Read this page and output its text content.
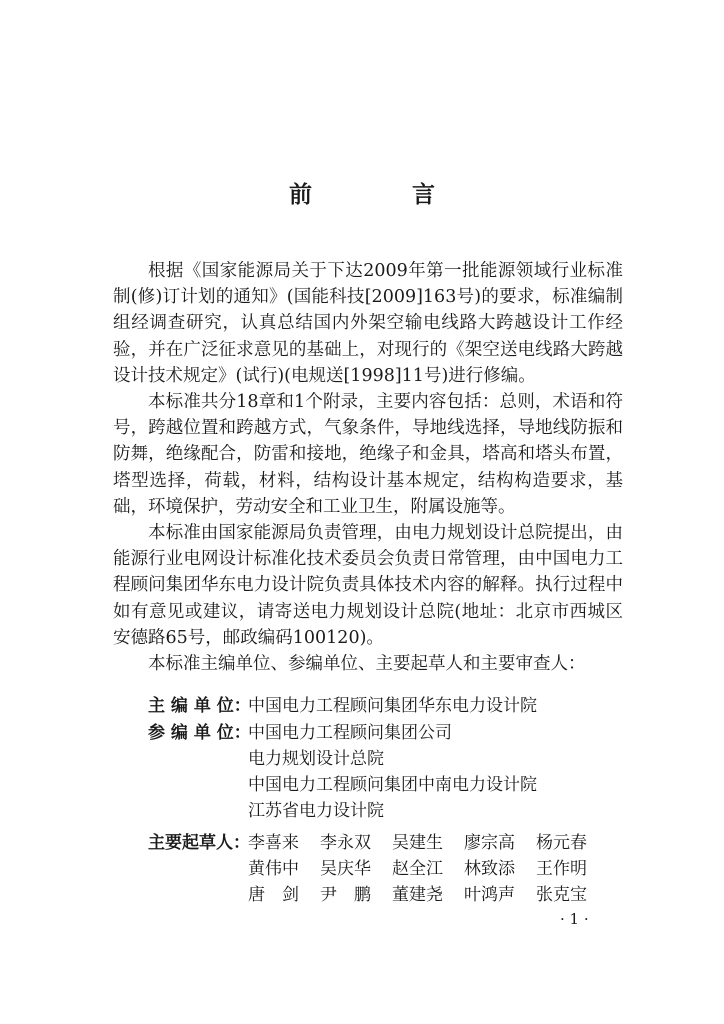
前 言

根据《国家能源局关于下达2009年第一批能源领域行业标准制(修)订计划的通知》(国能科技[2009]163号)的要求，标准编制组经调查研究，认真总结国内外架空输电线路大跨越设计工作经验，并在广泛征求意见的基础上，对现行的《架空送电线路大跨越设计技术规定》(试行)(电规送[1998]11号)进行修编。

本标准共分18章和1个附录，主要内容包括：总则，术语和符号，跨越位置和跨越方式，气象条件，导地线选择，导地线防振和防舞，绝缘配合，防雷和接地，绝缘子和金具，塔高和塔头布置，塔型选择，荷载，材料，结构设计基本规定，结构构造要求，基础，环境保护，劳动安全和工业卫生，附属设施等。

本标准由国家能源局负责管理，由电力规划设计总院提出，由能源行业电网设计标准化技术委员会负责日常管理，由中国电力工程顾问集团华东电力设计院负责具体技术内容的解释。执行过程中如有意见或建议，请寄送电力规划设计总院(地址：北京市西城区安德路65号，邮政编码100120)。

本标准主编单位、参编单位、主要起草人和主要审查人：

主 编 单 位：中国电力工程顾问集团华东电力设计院
参 编 单 位：中国电力工程顾问集团公司
电力规划设计总院
中国电力工程顾问集团中南电力设计院
江苏省电力设计院
主要起草人：
李喜来	李永双	吴建生	廖宗高	杨元春
黄伟中	吴庆华	赵全江	林致添	王作明
唐　剑	尹　鹏	董建尧	叶鸿声	张克宝
· 1 ·
